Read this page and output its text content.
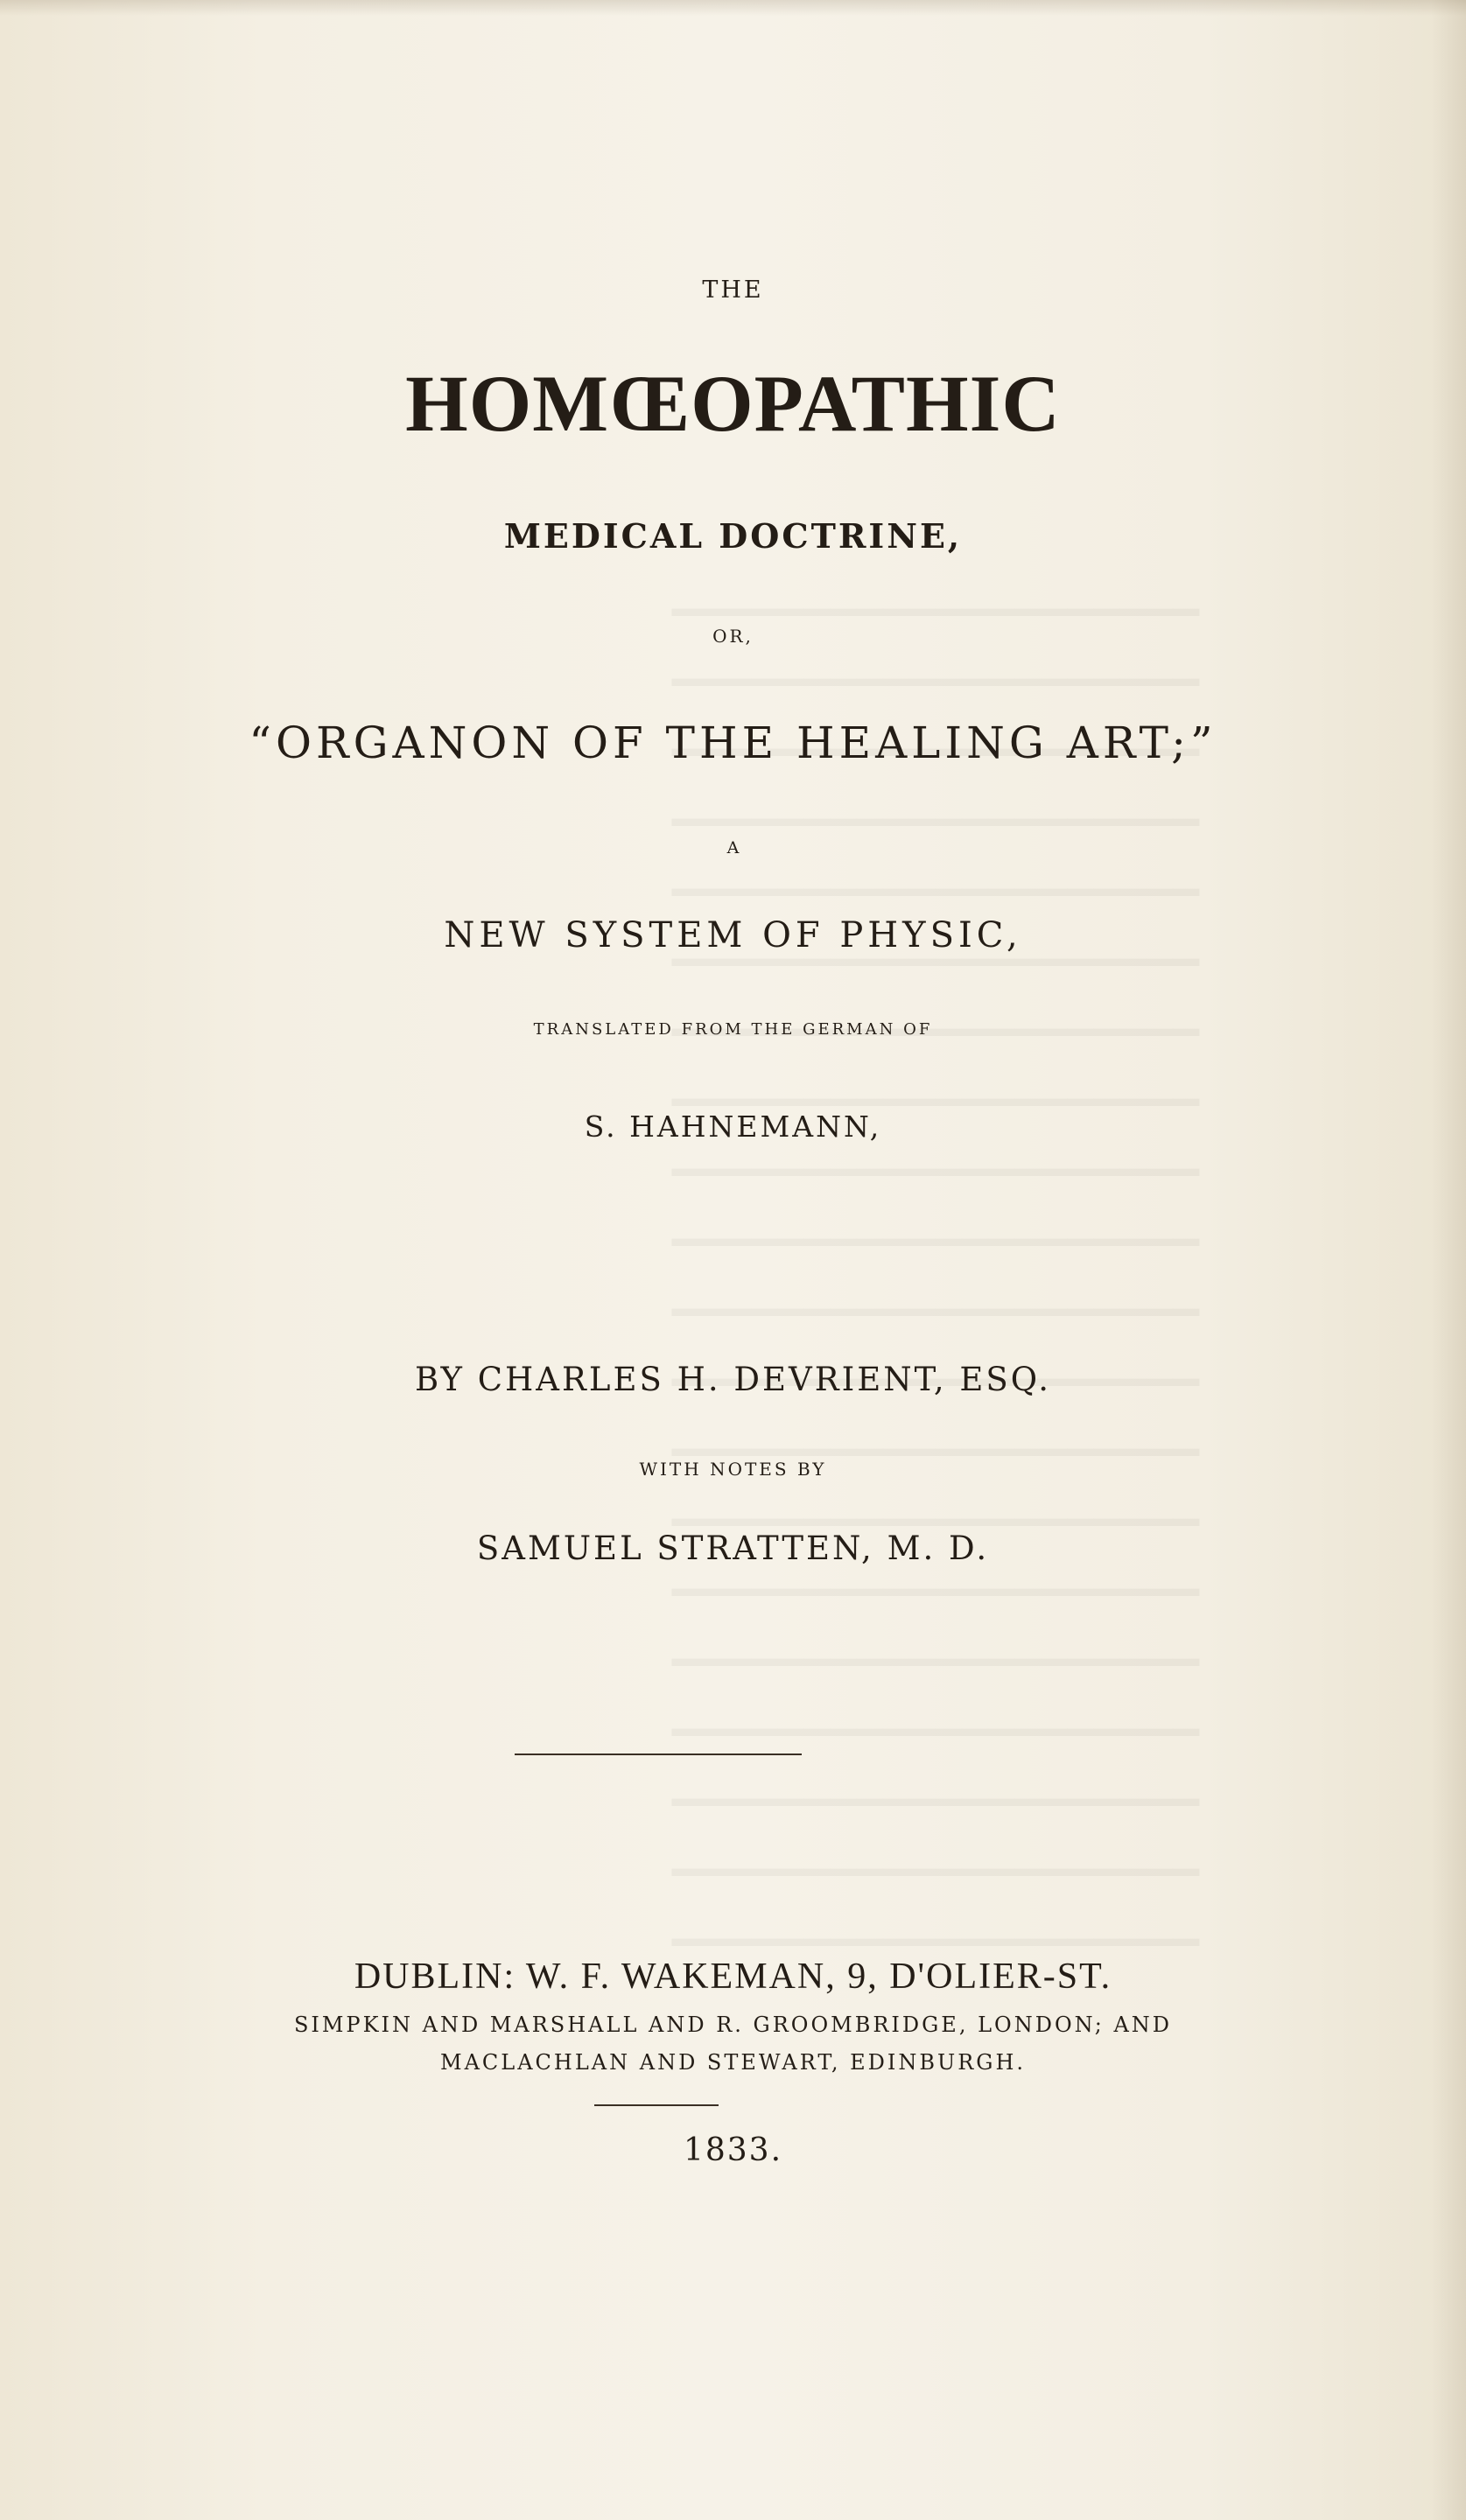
THE
HOMŒOPATHIC
MEDICAL DOCTRINE,
OR,
“ORGANON OF THE HEALING ART;”
A
NEW SYSTEM OF PHYSIC,
TRANSLATED FROM THE GERMAN OF
S. HAHNEMANN,
BY CHARLES H. DEVRIENT, ESQ.
WITH NOTES BY
SAMUEL STRATTEN, M. D.
DUBLIN: W. F. WAKEMAN, 9, D'OLIER-ST.
SIMPKIN AND MARSHALL AND R. GROOMBRIDGE, LONDON; AND
MACLACHLAN AND STEWART, EDINBURGH.
1833.
